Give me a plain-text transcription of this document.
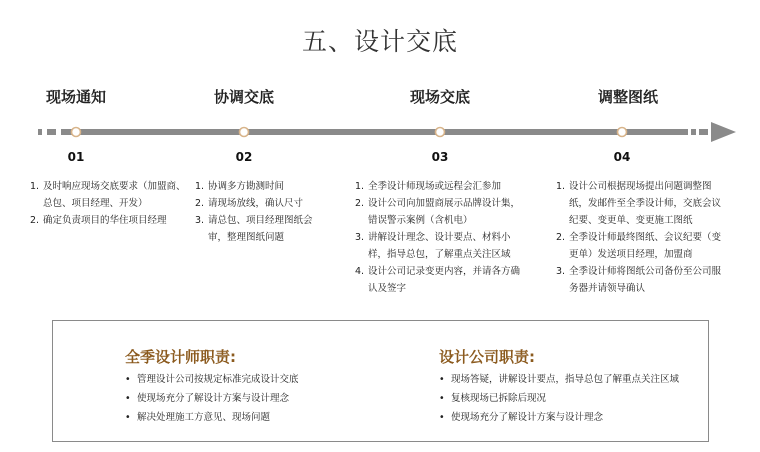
五、设计交底
现场通知	协调交底	现场交底	调整图纸
01	02	03	04
1. 及时响应现场交底要求（加盟商、总包、项目经理、开发）
2. 确定负责项目的华住项目经理
1. 协调多方勘测时间
2. 请现场放线，确认尺寸
3. 请总包、项目经理图纸会审，整理图纸问题
1. 全季设计师现场或远程会汇参加
2. 设计公司向加盟商展示品牌设计集，错误警示案例（含机电）
3. 讲解设计理念、设计要点、材料小样，指导总包，了解重点关注区域
4. 设计公司记录变更内容，并请各方确认及签字
1. 设计公司根据现场提出问题调整图纸，发邮件至全季设计师，交底会议纪要、变更单、变更施工图纸
2. 全季设计师最终图纸、会议纪要（变更单）发送项目经理，加盟商
3. 全季设计师将图纸公司备份至公司服务器并请领导确认
全季设计师职责:
• 管理设计公司按规定标准完成设计交底
• 使现场充分了解设计方案与设计理念
• 解决处理施工方意见、现场问题
设计公司职责:
• 现场答疑，讲解设计要点，指导总包了解重点关注区域
• 复核现场已拆除后现况
• 使现场充分了解设计方案与设计理念
